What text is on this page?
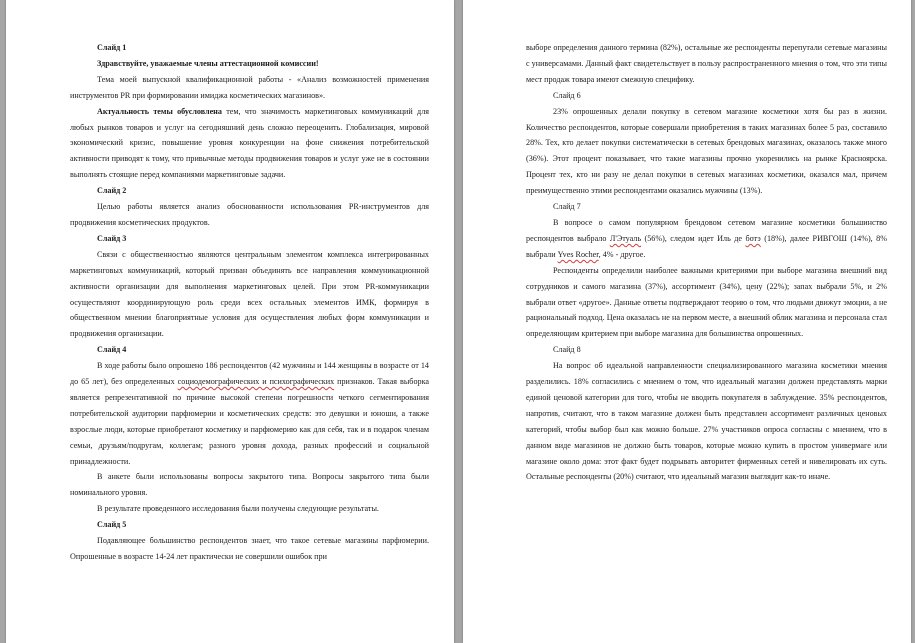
Слайд 1

Здравствуйте, уважаемые члены аттестационной комиссии!

Тема моей выпускной квалификационной работы - «Анализ возможностей применения инструментов PR при формировании имиджа косметических магазинов».

Актуальность темы обусловлена тем, что значимость маркетинговых коммуникаций для любых рынков товаров и услуг на сегодняшний день сложно переоценить. Глобализация, мировой экономический кризис, повышение уровня конкуренции на фоне снижения потребительской активности приводят к тому, что привычные методы продвижения товаров и услуг уже не в состоянии выполнять стоящие перед компаниями маркетинговые задачи.

Слайд 2

Целью работы является анализ обоснованности использования PR-инструментов для продвижения косметических продуктов.

Слайд 3

Связи с общественностью являются центральным элементом комплекса интегрированных маркетинговых коммуникаций, который призван объединять все направления коммуникационной активности организации для выполнения маркетинговых целей. При этом PR-коммуникации осуществляют координирующую роль среди всех остальных элементов ИМК, формируя в общественном мнении благоприятные условия для осуществления любых форм коммуникации и продвижения организации.

Слайд 4

В ходе работы было опрошено 186 респондентов (42 мужчины и 144 женщины в возрасте от 14 до 65 лет), без определенных социодемографических и психографических признаков. Такая выборка является репрезентативной по причине высокой степени погрешности четкого сегментирования потребительской аудитории парфюмерии и косметических средств: это девушки и юноши, а также взрослые люди, которые приобретают косметику и парфюмерию как для себя, так и в подарок членам семьи, друзьям/подругам, коллегам; разного уровня дохода, разных профессий и социальной принадлежности.

В анкете были использованы вопросы закрытого типа. Вопросы закрытого типа были номинального уровня.

В результате проведенного исследования были получены следующие результаты.

Слайд 5

Подавляющее большинство респондентов знает, что такое сетевые магазины парфюмерии. Опрошенные в возрасте 14-24 лет практически не совершили ошибок при

выборе определения данного термина (82%), остальные же респонденты перепутали сетевые магазины с универсамами. Данный факт свидетельствует в пользу распространенного мнения о том, что эти типы мест продаж товара имеют смежную специфику.

Слайд 6

23% опрошенных делали покупку в сетевом магазине косметики хотя бы раз в жизни. Количество респондентов, которые совершали приобретения в таких магазинах более 5 раз, составило 28%. Тех, кто делает покупки систематически в сетевых брендовых магазинах, оказалось также много (36%). Этот процент показывает, что такие магазины прочно укоренились на рынке Красноярска. Процент тех, кто ни разу не делал покупки в сетевых магазинах косметики, оказался мал, причем преимущественно этими респондентами оказались мужчины (13%).

Слайд 7

В вопросе о самом популярном брендовом сетевом магазине косметики большинство респондентов выбрало Л'Этуаль (56%), следом идет Иль де ботэ (18%), далее РИВГОШ (14%), 8% выбрали Yves Rocher, 4% - другое.

Респонденты определили наиболее важными критериями при выборе магазина внешний вид сотрудников и самого магазина (37%), ассортимент (34%), цену (22%); запах выбрали 5%, и 2% выбрали ответ «другое». Данные ответы подтверждают теорию о том, что людьми движут эмоции, а не рациональный подход. Цена оказалась не на первом месте, а внешний облик магазина и персонала стал определяющим критерием при выборе магазина для большинства опрошенных.

Слайд 8

На вопрос об идеальной направленности специализированного магазина косметики мнения разделились. 18% согласились с мнением о том, что идеальный магазин должен представлять марки единой ценовой категории для того, чтобы не вводить покупателя в заблуждение. 35% респондентов, напротив, считают, что в таком магазине должен быть представлен ассортимент различных ценовых категорий, чтобы выбор был как можно больше. 27% участников опроса согласны с мнением, что в данном виде магазинов не должно быть товаров, которые можно купить в простом универмаге или магазине около дома: этот факт будет подрывать авторитет фирменных сетей и нивелировать их суть. Остальные респонденты (20%) считают, что идеальный магазин выглядит как-то иначе.
